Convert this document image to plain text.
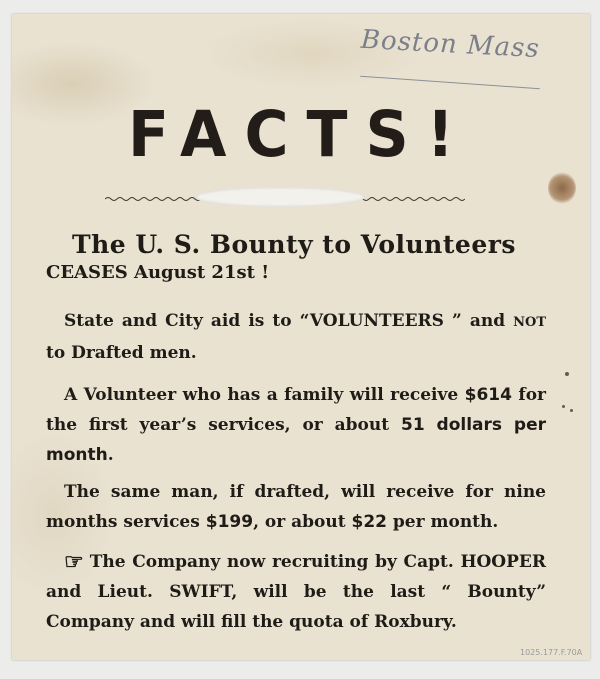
Boston Mass
FACTS!

The U. S. Bounty to Volunteers

CEASES August 21st !

State and City aid is to “VOLUNTEERS ” and NOT to Drafted men.

A Volunteer who has a family will receive $614 for the first year’s services, or about 51 dollars per month.

The same man, if drafted, will receive for nine months services $199, or about $22 per month.

☞ The Company now recruiting by Capt. HOOPER and Lieut. SWIFT, will be the last “ Bounty” Company and will fill the quota of Roxbury.

1025.177.F.70A
